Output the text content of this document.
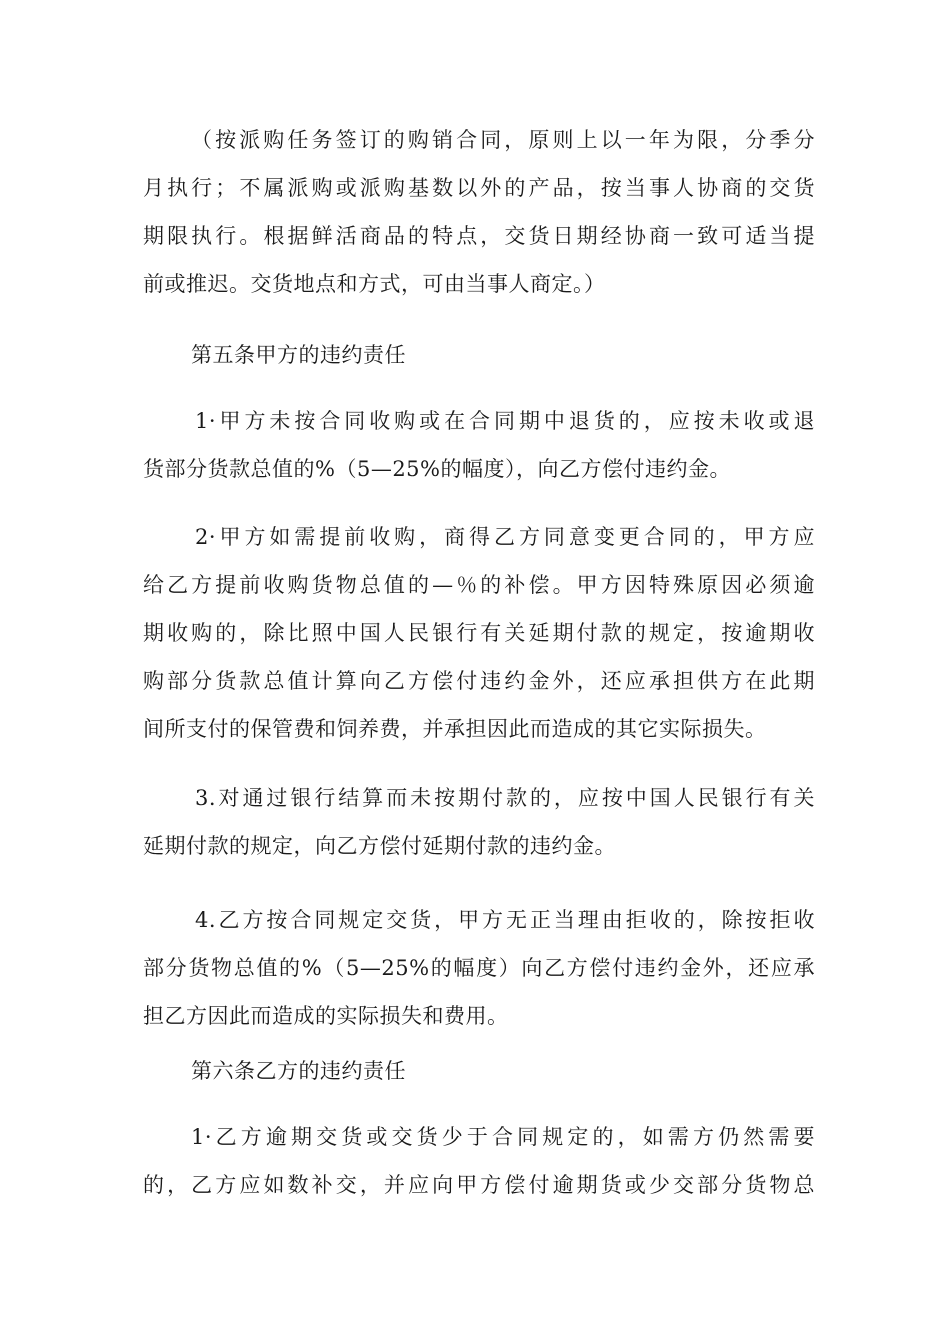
（按派购任务签订的购销合同，原则上以一年为限，分季分
月执行；不属派购或派购基数以外的产品，按当事人协商的交货
期限执行。根据鲜活商品的特点，交货日期经协商一致可适当提
前或推迟。交货地点和方式，可由当事人商定。）
第五条甲方的违约责任
1·甲方未按合同收购或在合同期中退货的，应按未收或退
货部分货款总值的%（5—25%的幅度），向乙方偿付违约金。
2·甲方如需提前收购，商得乙方同意变更合同的，甲方应
给乙方提前收购货物总值的—％的补偿。甲方因特殊原因必须逾
期收购的，除比照中国人民银行有关延期付款的规定，按逾期收
购部分货款总值计算向乙方偿付违约金外，还应承担供方在此期
间所支付的保管费和饲养费，并承担因此而造成的其它实际损失。
3.对通过银行结算而未按期付款的，应按中国人民银行有关
延期付款的规定，向乙方偿付延期付款的违约金。
4.乙方按合同规定交货，甲方无正当理由拒收的，除按拒收
部分货物总值的%（5—25%的幅度）向乙方偿付违约金外，还应承
担乙方因此而造成的实际损失和费用。
第六条乙方的违约责任
1·乙方逾期交货或交货少于合同规定的，如需方仍然需要
的，乙方应如数补交，并应向甲方偿付逾期货或少交部分货物总
